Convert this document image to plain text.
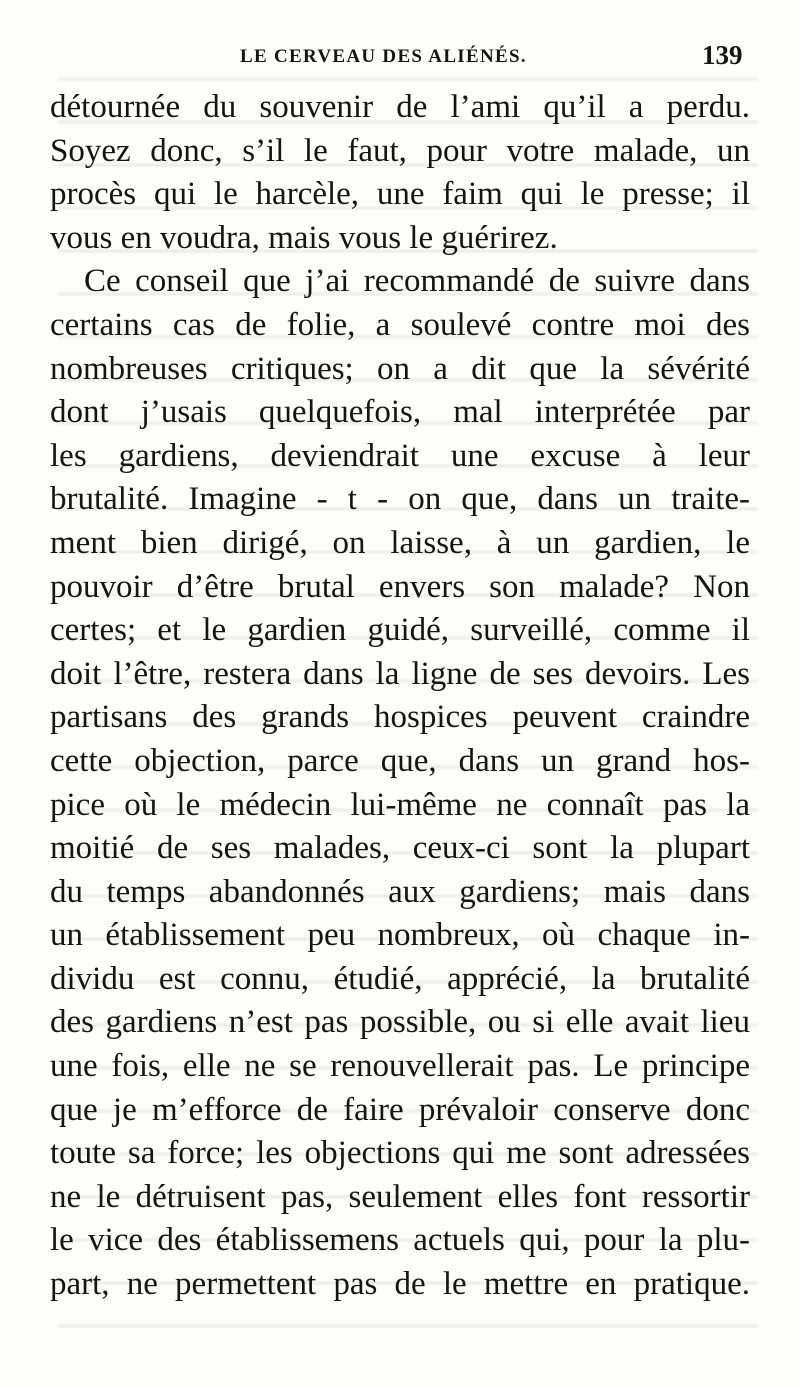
LE CERVEAU DES ALIÉNÉS.	139
détournée du souvenir de l’ami qu’il a perdu.
Soyez donc, s’il le faut, pour votre malade, un
procès qui le harcèle, une faim qui le presse; il
vous en voudra, mais vous le guérirez.
Ce conseil que j’ai recommandé de suivre dans
certains cas de folie, a soulevé contre moi des
nombreuses critiques; on a dit que la sévérité
dont j’usais quelquefois, mal interprétée par
les gardiens, deviendrait une excuse à leur
brutalité. Imagine - t - on que, dans un traite-
ment bien dirigé, on laisse, à un gardien, le
pouvoir d’être brutal envers son malade? Non
certes; et le gardien guidé, surveillé, comme il
doit l’être, restera dans la ligne de ses devoirs. Les
partisans des grands hospices peuvent craindre
cette objection, parce que, dans un grand hos-
pice où le médecin lui-même ne connaît pas la
moitié de ses malades, ceux-ci sont la plupart
du temps abandonnés aux gardiens; mais dans
un établissement peu nombreux, où chaque in-
dividu est connu, étudié, apprécié, la brutalité
des gardiens n’est pas possible, ou si elle avait lieu
une fois, elle ne se renouvellerait pas. Le principe
que je m’efforce de faire prévaloir conserve donc
toute sa force; les objections qui me sont adressées
ne le détruisent pas, seulement elles font ressortir
le vice des établissemens actuels qui, pour la plu-
part, ne permettent pas de le mettre en pratique.
